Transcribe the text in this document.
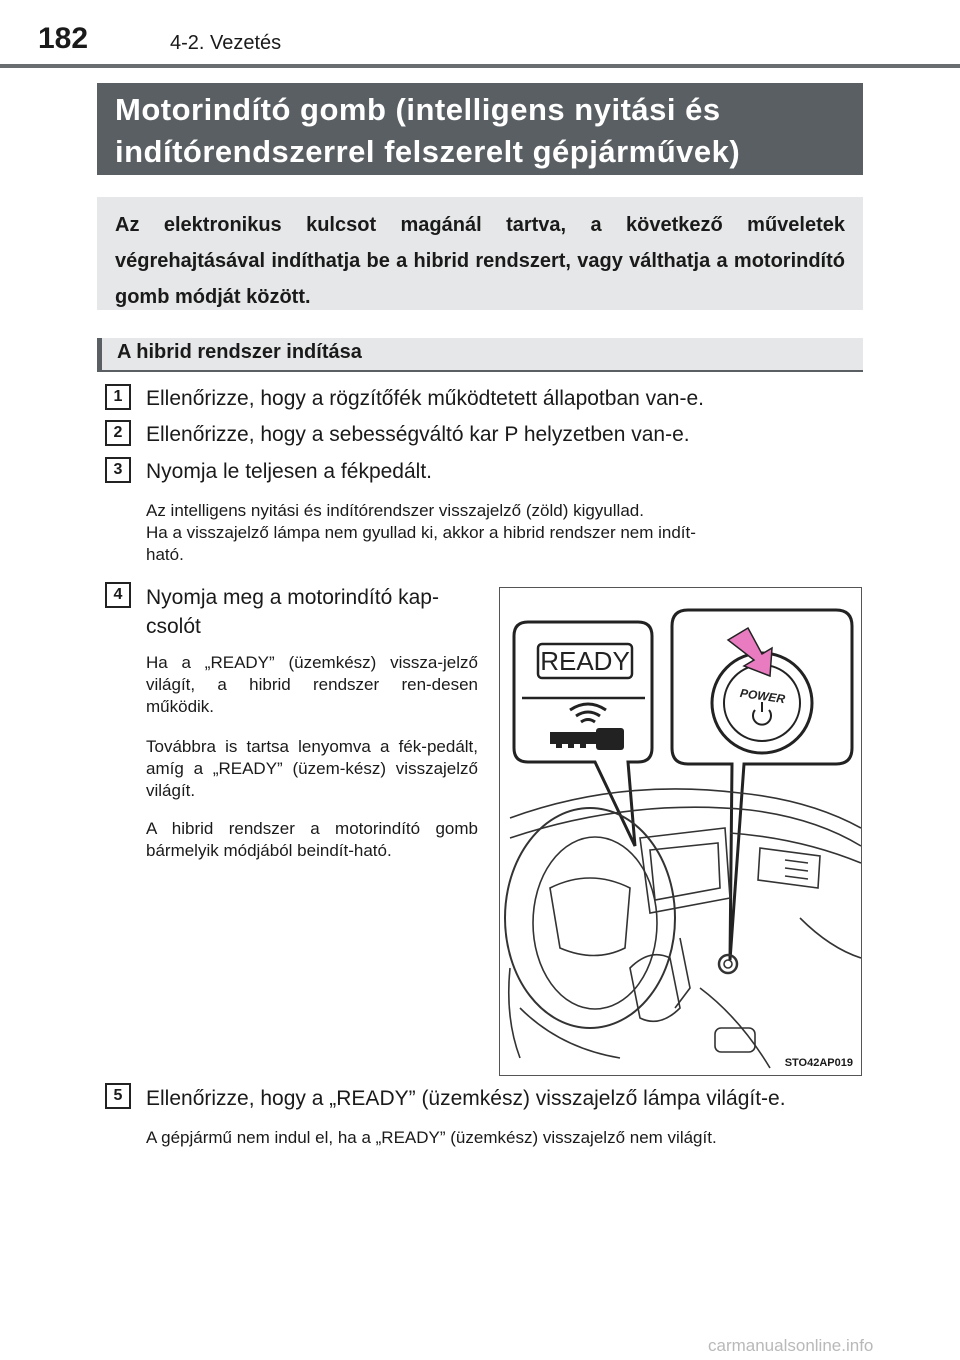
182	4-2. Vezetés
Motorindító gomb (intelligens nyitási és
indítórendszerrel felszerelt gépjárművek)
Az elektronikus kulcsot magánál tartva, a következő műveletek végrehajtásával indíthatja be a hibrid rendszert, vagy válthatja a motorindító gomb módját között.
A hibrid rendszer indítása
1	Ellenőrizze, hogy a rögzítőfék működtetett állapotban van-e.
2	Ellenőrizze, hogy a sebességváltó kar P helyzetben van-e.
3	Nyomja le teljesen a fékpedált.
Az intelligens nyitási és indítórendszer visszajelző (zöld) kigyullad.
Ha a visszajelző lámpa nem gyullad ki, akkor a hibrid rendszer nem indít-
ható.
4	Nyomja meg a motorindító kap-
csolót
Ha a „READY” (üzemkész) vissza-jelző világít, a hibrid rendszer ren-desen működik.
Továbbra is tartsa lenyomva a fék-pedált, amíg a „READY” (üzem-kész) visszajelző világít.
A hibrid rendszer a motorindító gomb bármelyik módjából beindít-ható.
READY
POWER
STO42AP019
5	Ellenőrizze, hogy a „READY” (üzemkész) visszajelző lámpa világít-e.
A gépjármű nem indul el, ha a „READY” (üzemkész) visszajelző nem világít.
carmanualsonline.info
